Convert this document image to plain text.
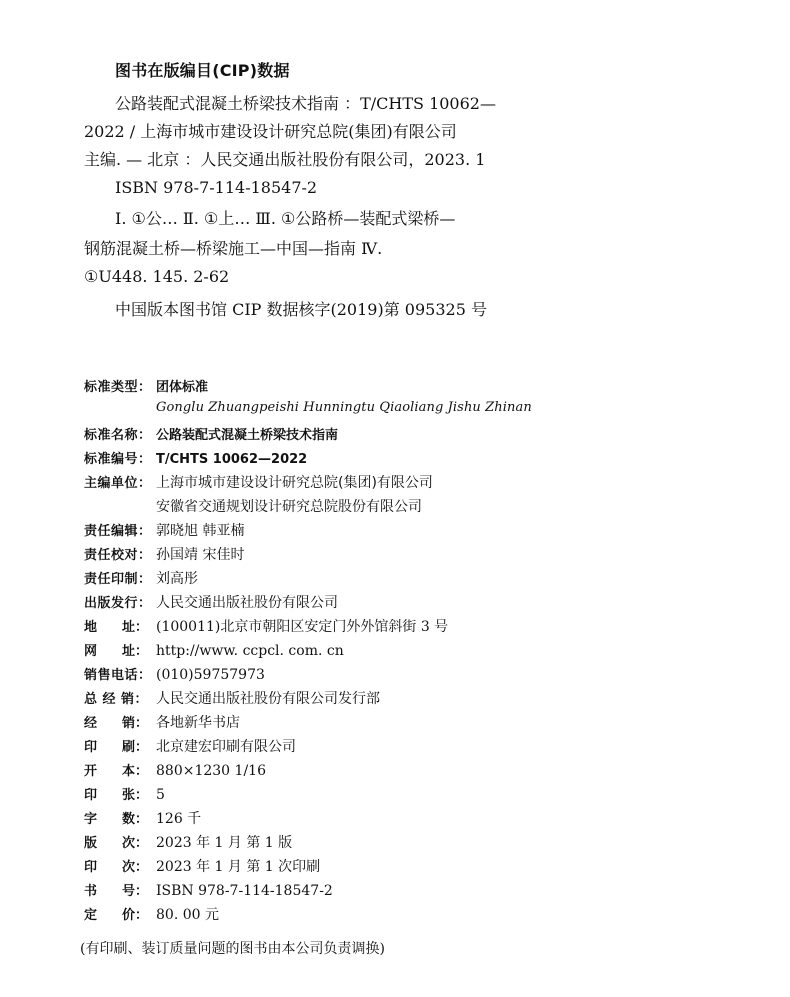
图书在版编目(CIP)数据
公路装配式混凝土桥梁技术指南 ：T/CHTS 10062—
2022 / 上海市城市建设设计研究总院(集团)有限公司
主编. — 北京 ：人民交通出版社股份有限公司，2023. 1
ISBN 978-7-114-18547-2
Ⅰ. ①公… Ⅱ. ①上… Ⅲ. ①公路桥—装配式梁桥—
钢筋混凝土桥—桥梁施工—中国—指南 Ⅳ.
①U448. 145. 2-62
中国版本图书馆 CIP 数据核字(2019)第 095325 号
标准类型： 团体标准
Gonglu Zhuangpeishi Hunningtu Qiaoliang Jishu Zhinan
标准名称： 公路装配式混凝土桥梁技术指南
标准编号： T/CHTS 10062—2022
主编单位： 上海市城市建设设计研究总院(集团)有限公司
安徽省交通规划设计研究总院股份有限公司
责任编辑： 郭晓旭 韩亚楠
责任校对： 孙国靖 宋佳时
责任印制： 刘高彤
出版发行： 人民交通出版社股份有限公司
地 址： (100011)北京市朝阳区安定门外外馆斜街 3 号
网 址： http://www. ccpcl. com. cn
销售电话： (010)59757973
总 经 销： 人民交通出版社股份有限公司发行部
经 销： 各地新华书店
印 刷： 北京建宏印刷有限公司
开 本： 880×1230 1/16
印 张： 5
字 数： 126 千
版 次： 2023 年 1 月 第 1 版
印 次： 2023 年 1 月 第 1 次印刷
书 号： ISBN 978-7-114-18547-2
定 价： 80. 00 元
(有印刷、装订质量问题的图书由本公司负责调换)
